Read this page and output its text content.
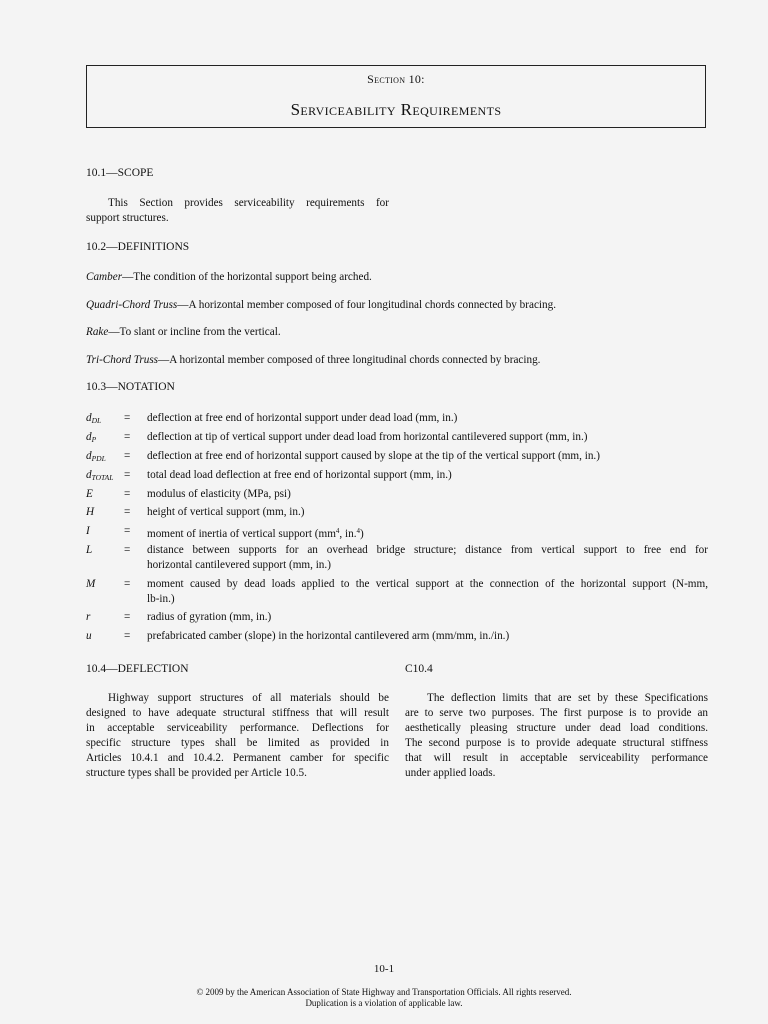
Section 10:
Serviceability Requirements
10.1—SCOPE
This Section provides serviceability requirements for
support structures.
10.2—DEFINITIONS
Camber—The condition of the horizontal support being arched.
Quadri-Chord Truss—A horizontal member composed of four longitudinal chords connected by bracing.
Rake—To slant or incline from the vertical.
Tri-Chord Truss—A horizontal member composed of three longitudinal chords connected by bracing.
10.3—NOTATION
$d_{DL}$ = deflection at free end of horizontal support under dead load (mm, in.)
$d_P$ = deflection at tip of vertical support under dead load from horizontal cantilevered support (mm, in.)
$d_{PDL}$ = deflection at free end of horizontal support caused by slope at the tip of the vertical support (mm, in.)
$d_{TOTAL}$ = total dead load deflection at free end of horizontal support (mm, in.)
E	= modulus of elasticity (MPa, psi)
H	= height of vertical support (mm, in.)
I	= moment of inertia of vertical support ($mm^4$, in.$^4$)
L	= distance between supports for an overhead bridge structure; distance from vertical support to free end for
horizontal cantilevered support (mm, in.)
M	= moment caused by dead loads applied to the vertical support at the connection of the horizontal support (N-mm,
lb-in.)
r	= radius of gyration (mm, in.)
u	= prefabricated camber (slope) in the horizontal cantilevered arm (mm/mm, in./in.)
10.4—DEFLECTION
Highway support structures of all materials should be
designed to have adequate structural stiffness that will result
in acceptable serviceability performance. Deflections for
specific structure types shall be limited as provided in
Articles 10.4.1 and 10.4.2. Permanent camber for specific
structure types shall be provided per Article 10.5.
C10.4
The deflection limits that are set by these Specifications
are to serve two purposes. The first purpose is to provide an
aesthetically pleasing structure under dead load conditions.
The second purpose is to provide adequate structural stiffness
that will result in acceptable serviceability performance
under applied loads.
10-1
© 2009 by the American Association of State Highway and Transportation Officials. All rights reserved.
Duplication is a violation of applicable law.
